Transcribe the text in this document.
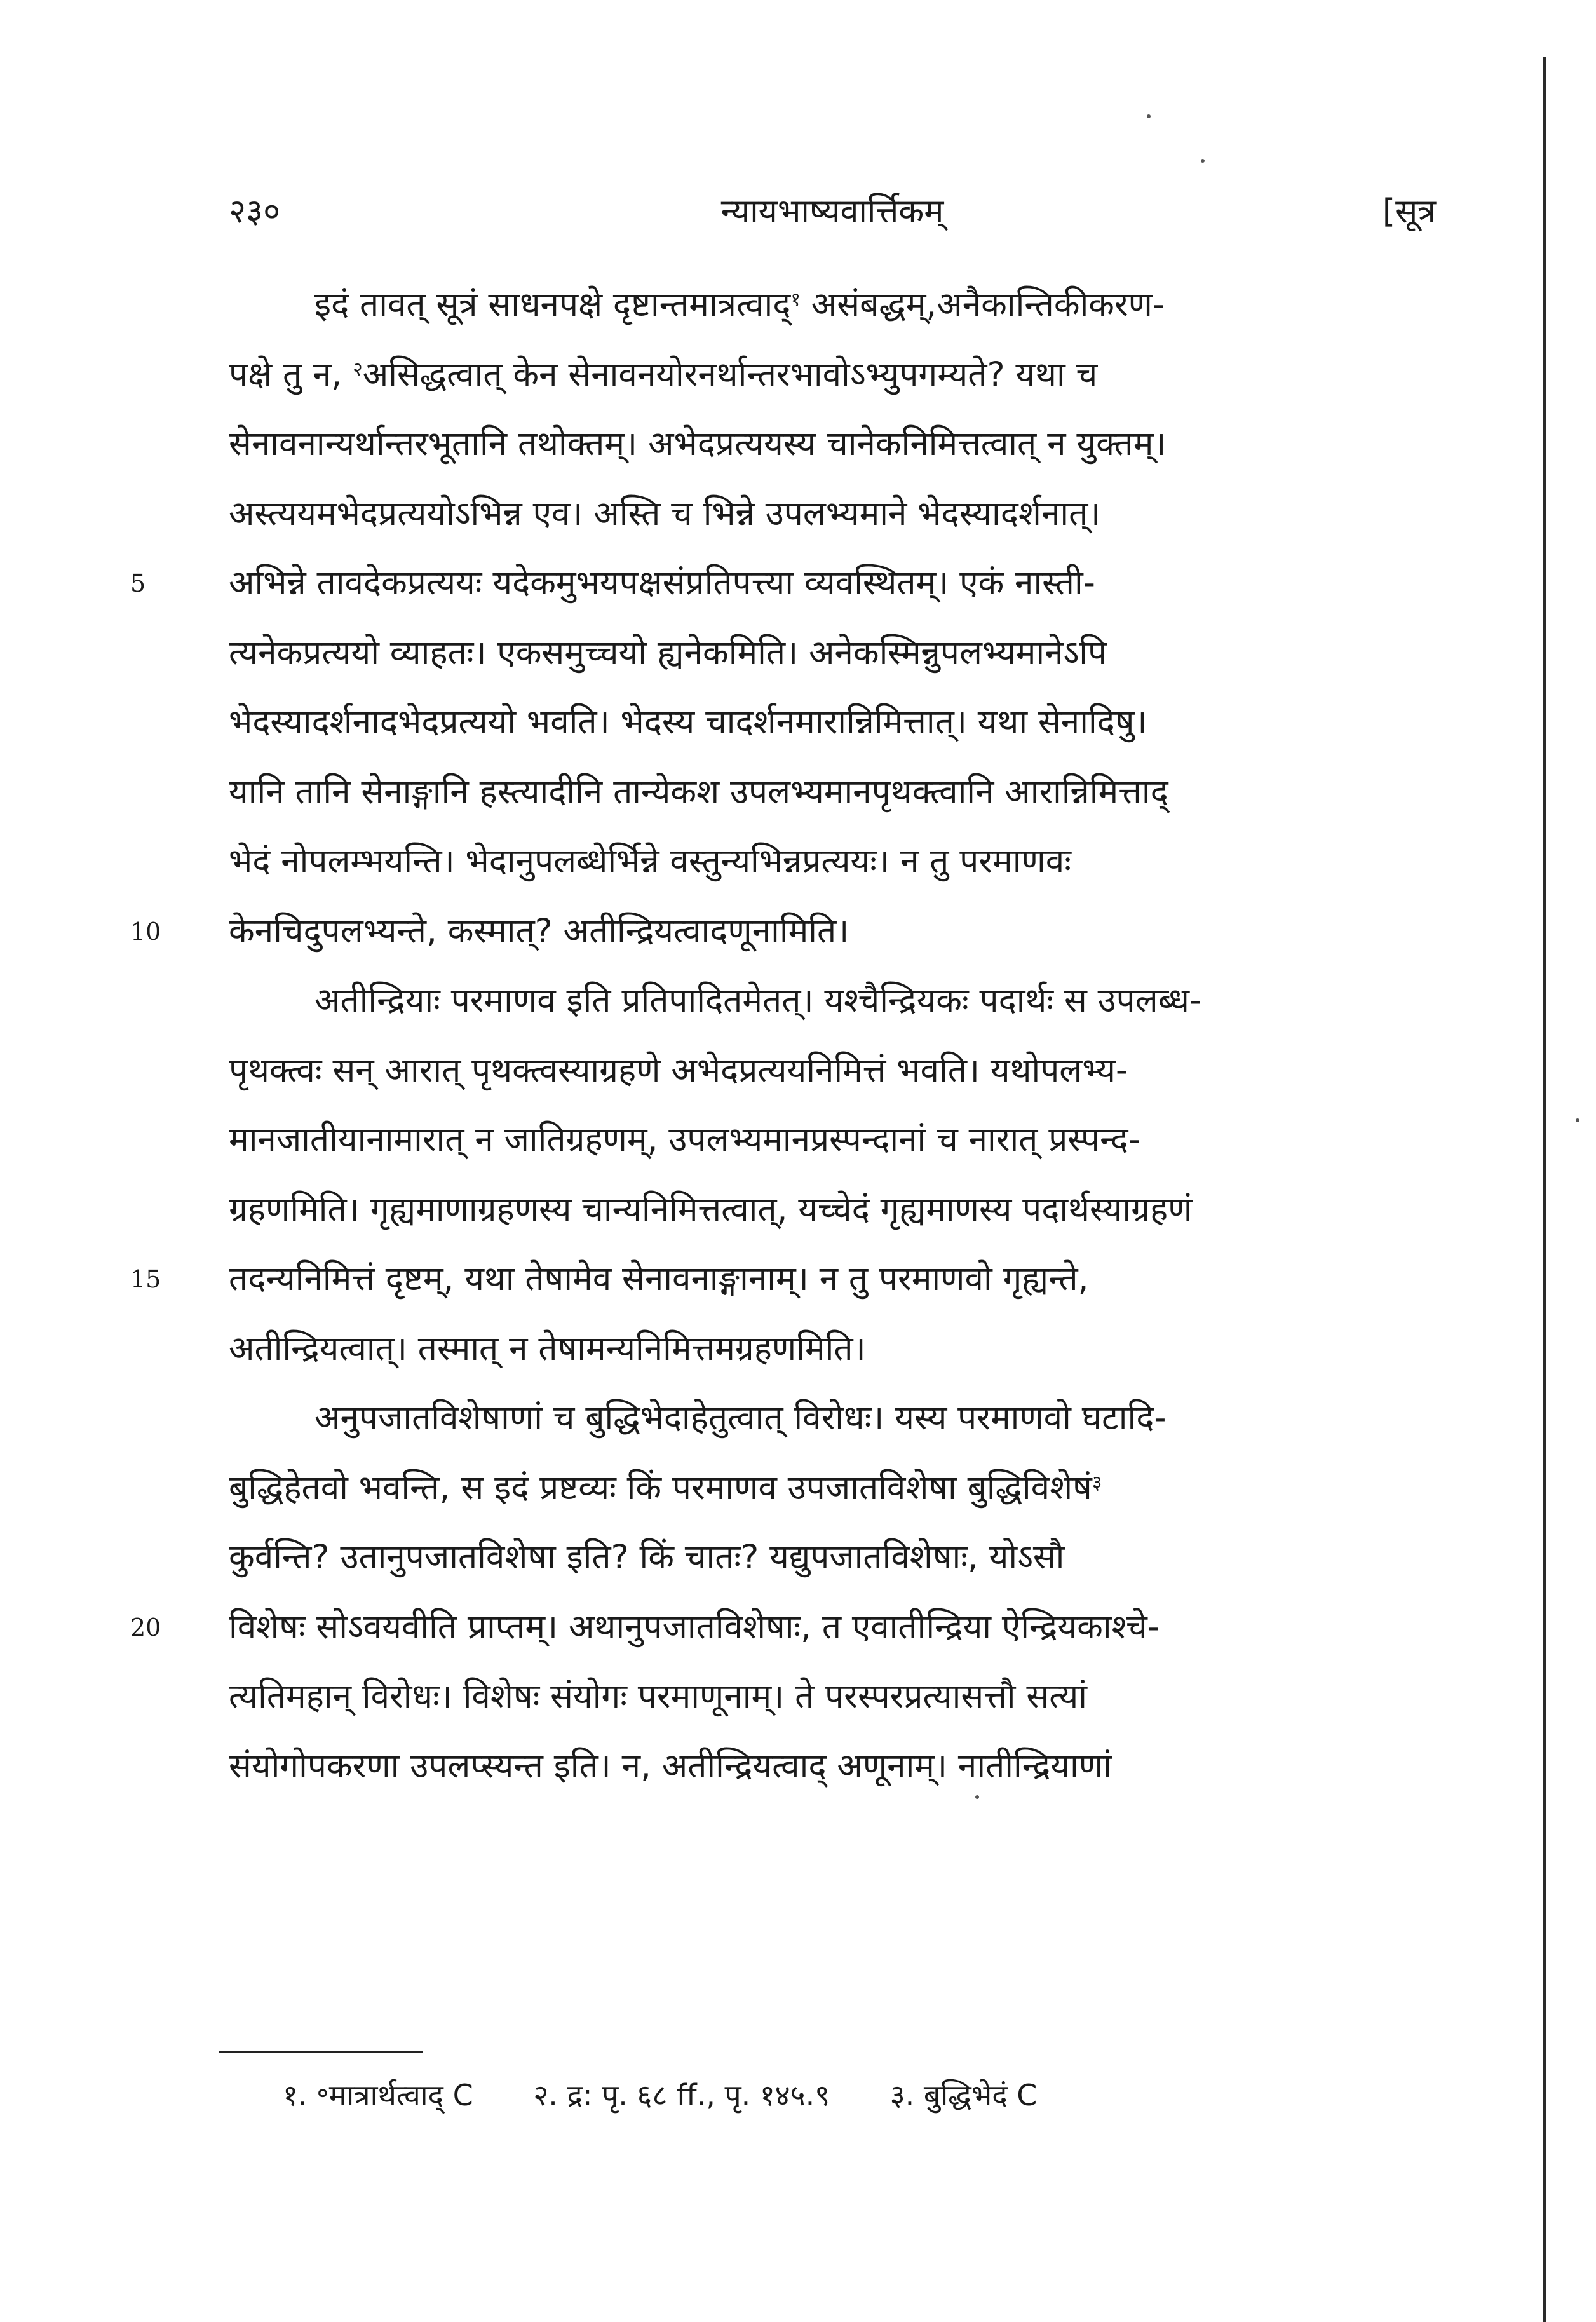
२३०	न्यायभाष्यवार्त्तिकम्	[सूत्र
इदं तावत् सूत्रं साधनपक्षे दृष्टान्तमात्रत्वाद्$^१$ असंबद्धम्,अनैकान्तिकीकरण-
पक्षे तु न, $^२$असिद्धत्वात् केन सेनावनयोरनर्थान्तरभावोऽभ्युपगम्यते? यथा च
सेनावनान्यर्थान्तरभूतानि तथोक्तम्। अभेदप्रत्ययस्य चानेकनिमित्तत्वात् न युक्तम्।
अस्त्ययमभेदप्रत्ययोऽभिन्न एव। अस्ति च भिन्ने उपलभ्यमाने भेदस्यादर्शनात्।
अभिन्ने तावदेकप्रत्ययः यदेकमुभयपक्षसंप्रतिपत्त्या व्यवस्थितम्। एकं नास्ती-
5
त्यनेकप्रत्ययो व्याहतः। एकसमुच्चयो ह्यनेकमिति। अनेकस्मिन्नुपलभ्यमानेऽपि
भेदस्यादर्शनादभेदप्रत्ययो भवति। भेदस्य चादर्शनमारान्निमित्तात्। यथा सेनादिषु।
यानि तानि सेनाङ्गानि हस्त्यादीनि तान्येकश उपलभ्यमानपृथक्त्वानि आरान्निमित्ताद्
भेदं नोपलम्भयन्ति। भेदानुपलब्धेर्भिन्ने वस्तुन्यभिन्नप्रत्ययः। न तु परमाणवः
केनचिदुपलभ्यन्ते, कस्मात्? अतीन्द्रियत्वादणूनामिति।
10
अतीन्द्रियाः परमाणव इति प्रतिपादितमेतत्। यश्चैन्द्रियकः पदार्थः स उपलब्ध-
पृथक्त्वः सन् आरात् पृथक्त्वस्याग्रहणे अभेदप्रत्ययनिमित्तं भवति। यथोपलभ्य-
मानजातीयानामारात् न जातिग्रहणम्, उपलभ्यमानप्रस्पन्दानां च नारात् प्रस्पन्द-
ग्रहणमिति। गृह्यमाणाग्रहणस्य चान्यनिमित्तत्वात्, यच्चेदं गृह्यमाणस्य पदार्थस्याग्रहणं
तदन्यनिमित्तं दृष्टम्, यथा तेषामेव सेनावनाङ्गानाम्। न तु परमाणवो गृह्यन्ते,
15
अतीन्द्रियत्वात्। तस्मात् न तेषामन्यनिमित्तमग्रहणमिति।
अनुपजातविशेषाणां च बुद्धिभेदाहेतुत्वात् विरोधः। यस्य परमाणवो घटादि-
बुद्धिहेतवो भवन्ति, स इदं प्रष्टव्यः किं परमाणव उपजातविशेषा बुद्धिविशेषं$^३$
कुर्वन्ति? उतानुपजातविशेषा इति? किं चातः? यद्युपजातविशेषाः, योऽसौ
विशेषः सोऽवयवीति प्राप्तम्। अथानुपजातविशेषाः, त एवातीन्द्रिया ऐन्द्रियकाश्चे-
20
त्यतिमहान् विरोधः। विशेषः संयोगः परमाणूनाम्। ते परस्परप्रत्यासत्तौ सत्यां
संयोगोपकरणा उपलप्स्यन्त इति। न, अतीन्द्रियत्वाद् अणूनाम्। नातीन्द्रियाणां
१. ॰मात्रार्थत्वाद् C २. द्र: पृ. ६८ ff., पृ. १४५.९ ३. बुद्धिभेदं C
